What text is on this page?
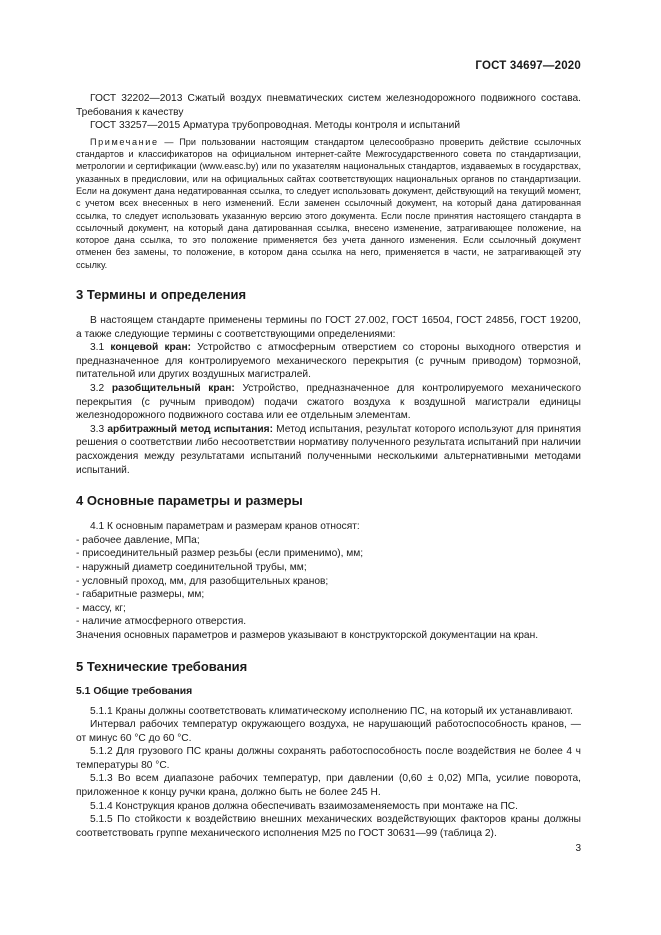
ГОСТ 34697—2020

ГОСТ 32202—2013 Сжатый воздух пневматических систем железнодорожного подвижного состава. Требования к качеству

ГОСТ 33257—2015 Арматура трубопроводная. Методы контроля и испытаний

Примечание — При пользовании настоящим стандартом целесообразно проверить действие ссылочных стандартов и классификаторов на официальном интернет-сайте Межгосударственного совета по стандартизации, метрологии и сертификации (www.easc.by) или по указателям национальных стандартов, издаваемых в государствах, указанных в предисловии, или на официальных сайтах соответствующих национальных органов по стандартизации. Если на документ дана недатированная ссылка, то следует использовать документ, действующий на текущий момент, с учетом всех внесенных в него изменений. Если заменен ссылочный документ, на который дана датированная ссылка, то следует использовать указанную версию этого документа. Если после принятия настоящего стандарта в ссылочный документ, на который дана датированная ссылка, внесено изменение, затрагивающее положение, на которое дана ссылка, то это положение применяется без учета данного изменения. Если ссылочный документ отменен без замены, то положение, в котором дана ссылка на него, применяется в части, не затрагивающей эту ссылку.

3 Термины и определения

В настоящем стандарте применены термины по ГОСТ 27.002, ГОСТ 16504, ГОСТ 24856, ГОСТ 19200, а также следующие термины с соответствующими определениями:

3.1 концевой кран: Устройство с атмосферным отверстием со стороны выходного отверстия и предназначенное для контролируемого механического перекрытия (с ручным приводом) тормозной, питательной или других воздушных магистралей.

3.2 разобщительный кран: Устройство, предназначенное для контролируемого механического перекрытия (с ручным приводом) подачи сжатого воздуха к воздушной магистрали единицы железнодорожного подвижного состава или ее отдельным элементам.

3.3 арбитражный метод испытания: Метод испытания, результат которого используют для принятия решения о соответствии либо несоответствии нормативу полученного результата испытаний при наличии расхождения между результатами испытаний полученными несколькими альтернативными методами испытаний.

4 Основные параметры и размеры

4.1 К основным параметрам и размерам кранов относят:

- рабочее давление, МПа;

- присоединительный размер резьбы (если применимо), мм;

- наружный диаметр соединительной трубы, мм;

- условный проход, мм, для разобщительных кранов;

- габаритные размеры, мм;

- массу, кг;

- наличие атмосферного отверстия.

Значения основных параметров и размеров указывают в конструкторской документации на кран.

5 Технические требования
5.1 Общие требования

5.1.1 Краны должны соответствовать климатическому исполнению ПС, на который их устанавливают.

Интервал рабочих температур окружающего воздуха, не нарушающий работоспособность кранов, — от минус 60 °С до 60 °С.

5.1.2 Для грузового ПС краны должны сохранять работоспособность после воздействия не более 4 ч температуры 80 °С.

5.1.3 Во всем диапазоне рабочих температур, при давлении (0,60 ± 0,02) МПа, усилие поворота, приложенное к концу ручки крана, должно быть не более 245 Н.

5.1.4 Конструкция кранов должна обеспечивать взаимозаменяемость при монтаже на ПС.

5.1.5 По стойкости к воздействию внешних механических воздействующих факторов краны должны соответствовать группе механического исполнения М25 по ГОСТ 30631—99 (таблица 2).

3
